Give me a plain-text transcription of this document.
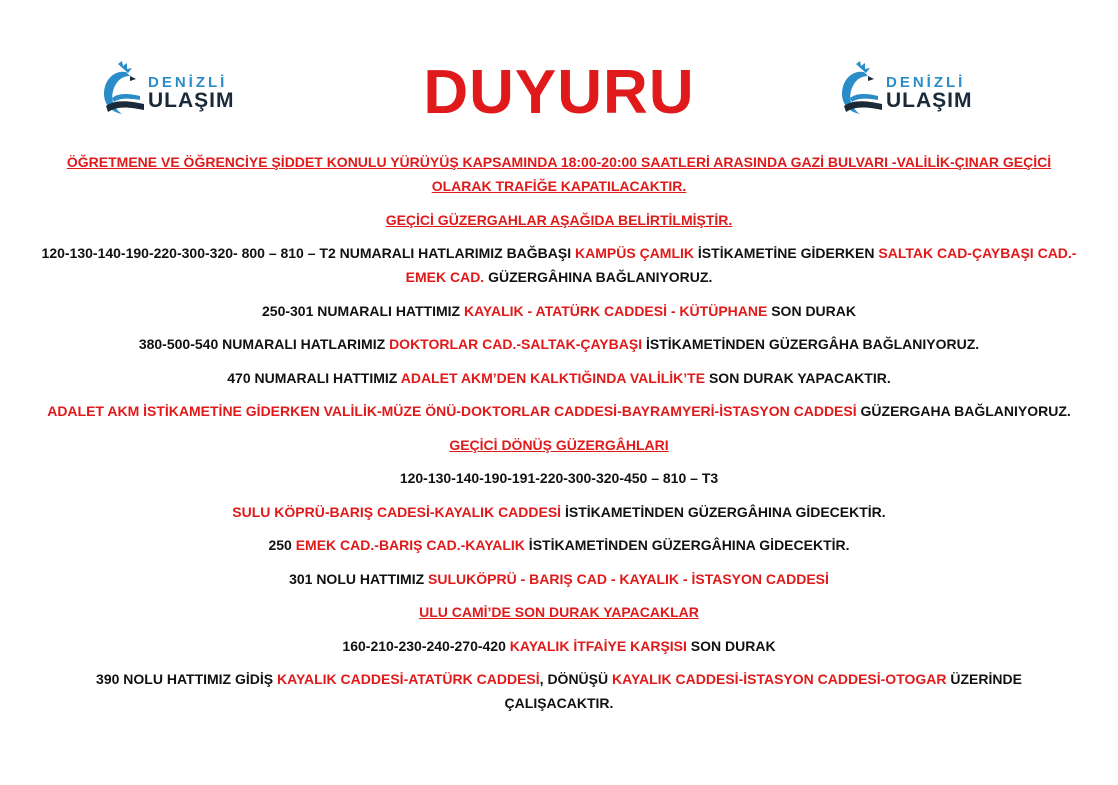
DENİZLİ
ULAŞIM	DUYURU	DENİZLİ
ULAŞIM

ÖĞRETMENE VE ÖĞRENCİYE ŞİDDET KONULU YÜRÜYÜŞ KAPSAMINDA 18:00-20:00 SAATLERİ ARASINDA GAZİ BULVARI -VALİLİK-ÇINAR GEÇİCİ OLARAK TRAFİĞE KAPATILACAKTIR.

GEÇİCİ GÜZERGAHLAR AŞAĞIDA BELİRTİLMİŞTİR.

120-130-140-190-220-300-320- 800 – 810 – T2 NUMARALI HATLARIMIZ BAĞBAŞI KAMPÜS ÇAMLIK İSTİKAMETİNE GİDERKEN SALTAK CAD-ÇAYBAŞI CAD.- EMEK CAD. GÜZERGÂHINA BAĞLANIYORUZ.

250-301 NUMARALI HATTIMIZ KAYALIK - ATATÜRK CADDESİ - KÜTÜPHANE SON DURAK

380-500-540 NUMARALI HATLARIMIZ DOKTORLAR CAD.-SALTAK-ÇAYBAŞI İSTİKAMETİNDEN GÜZERGÂHA BAĞLANIYORUZ.

470 NUMARALI HATTIMIZ ADALET AKM’DEN KALKTIĞINDA VALİLİK’TE SON DURAK YAPACAKTIR.

ADALET AKM İSTİKAMETİNE GİDERKEN VALİLİK-MÜZE ÖNÜ-DOKTORLAR CADDESİ-BAYRAMYERİ-İSTASYON CADDESİ GÜZERGAHA BAĞLANIYORUZ.

GEÇİCİ DÖNÜŞ GÜZERGÂHLARI

120-130-140-190-191-220-300-320-450 – 810 – T3

SULU KÖPRÜ-BARIŞ CADESİ-KAYALIK CADDESİ İSTİKAMETİNDEN GÜZERGÂHINA GİDECEKTİR.

250 EMEK CAD.-BARIŞ CAD.-KAYALIK İSTİKAMETİNDEN GÜZERGÂHINA GİDECEKTİR.

301 NOLU HATTIMIZ SULUKÖPRÜ - BARIŞ CAD - KAYALIK - İSTASYON CADDESİ

ULU CAMİ’DE SON DURAK YAPACAKLAR

160-210-230-240-270-420 KAYALIK İTFAİYE KARŞISI SON DURAK

390 NOLU HATTIMIZ GİDİŞ KAYALIK CADDESİ-ATATÜRK CADDESİ, DÖNÜŞÜ KAYALIK CADDESİ-İSTASYON CADDESİ-OTOGAR ÜZERİNDE ÇALIŞACAKTIR.
